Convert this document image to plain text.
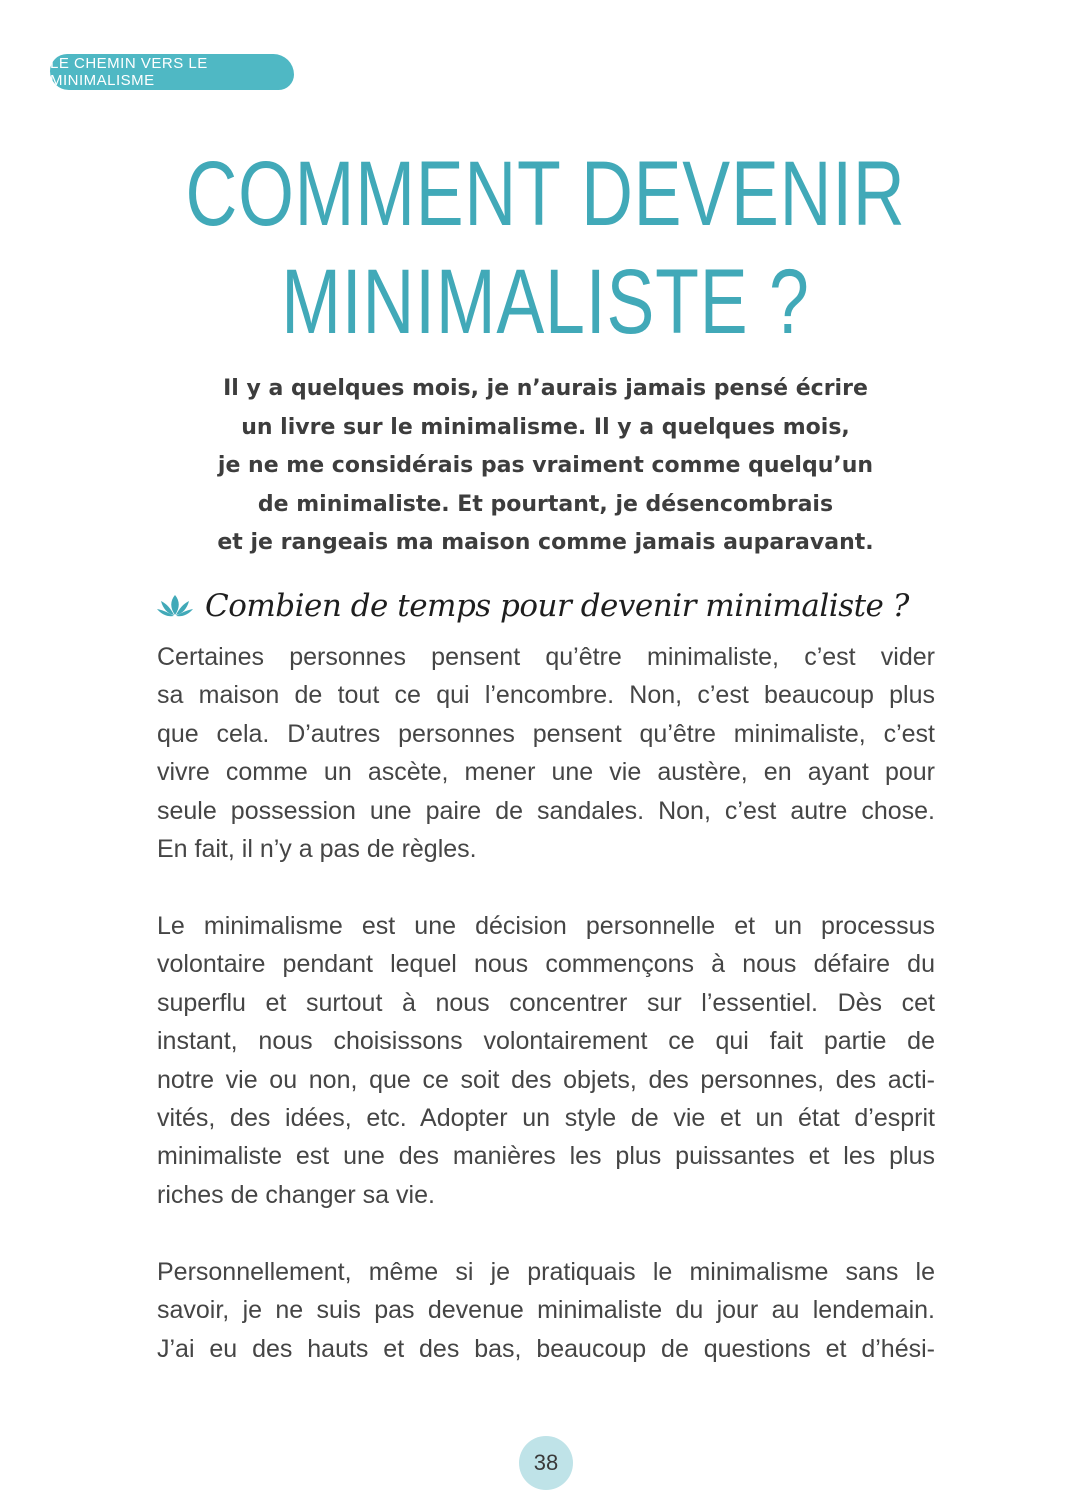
LE CHEMIN VERS LE MINIMALISME
COMMENT DEVENIR
MINIMALISTE ?
Il y a quelques mois, je n’aurais jamais pensé écrire
un livre sur le minimalisme. Il y a quelques mois,
je ne me considérais pas vraiment comme quelqu’un
de minimaliste. Et pourtant, je désencombrais
et je rangeais ma maison comme jamais auparavant.
Combien de temps pour devenir minimaliste ?
Certaines personnes pensent qu’être minimaliste, c’est vider
sa maison de tout ce qui l’encombre. Non, c’est beaucoup plus
que cela. D’autres personnes pensent qu’être minimaliste, c’est
vivre comme un ascète, mener une vie austère, en ayant pour
seule possession une paire de sandales. Non, c’est autre chose.
En fait, il n’y a pas de règles.
Le minimalisme est une décision personnelle et un processus
volontaire pendant lequel nous commençons à nous défaire du
superflu et surtout à nous concentrer sur l’essentiel. Dès cet
instant, nous choisissons volontairement ce qui fait partie de
notre vie ou non, que ce soit des objets, des personnes, des acti-
vités, des idées, etc. Adopter un style de vie et un état d’esprit
minimaliste est une des manières les plus puissantes et les plus
riches de changer sa vie.
Personnellement, même si je pratiquais le minimalisme sans le
savoir, je ne suis pas devenue minimaliste du jour au lendemain.
J’ai eu des hauts et des bas, beaucoup de questions et d’hési-
38
